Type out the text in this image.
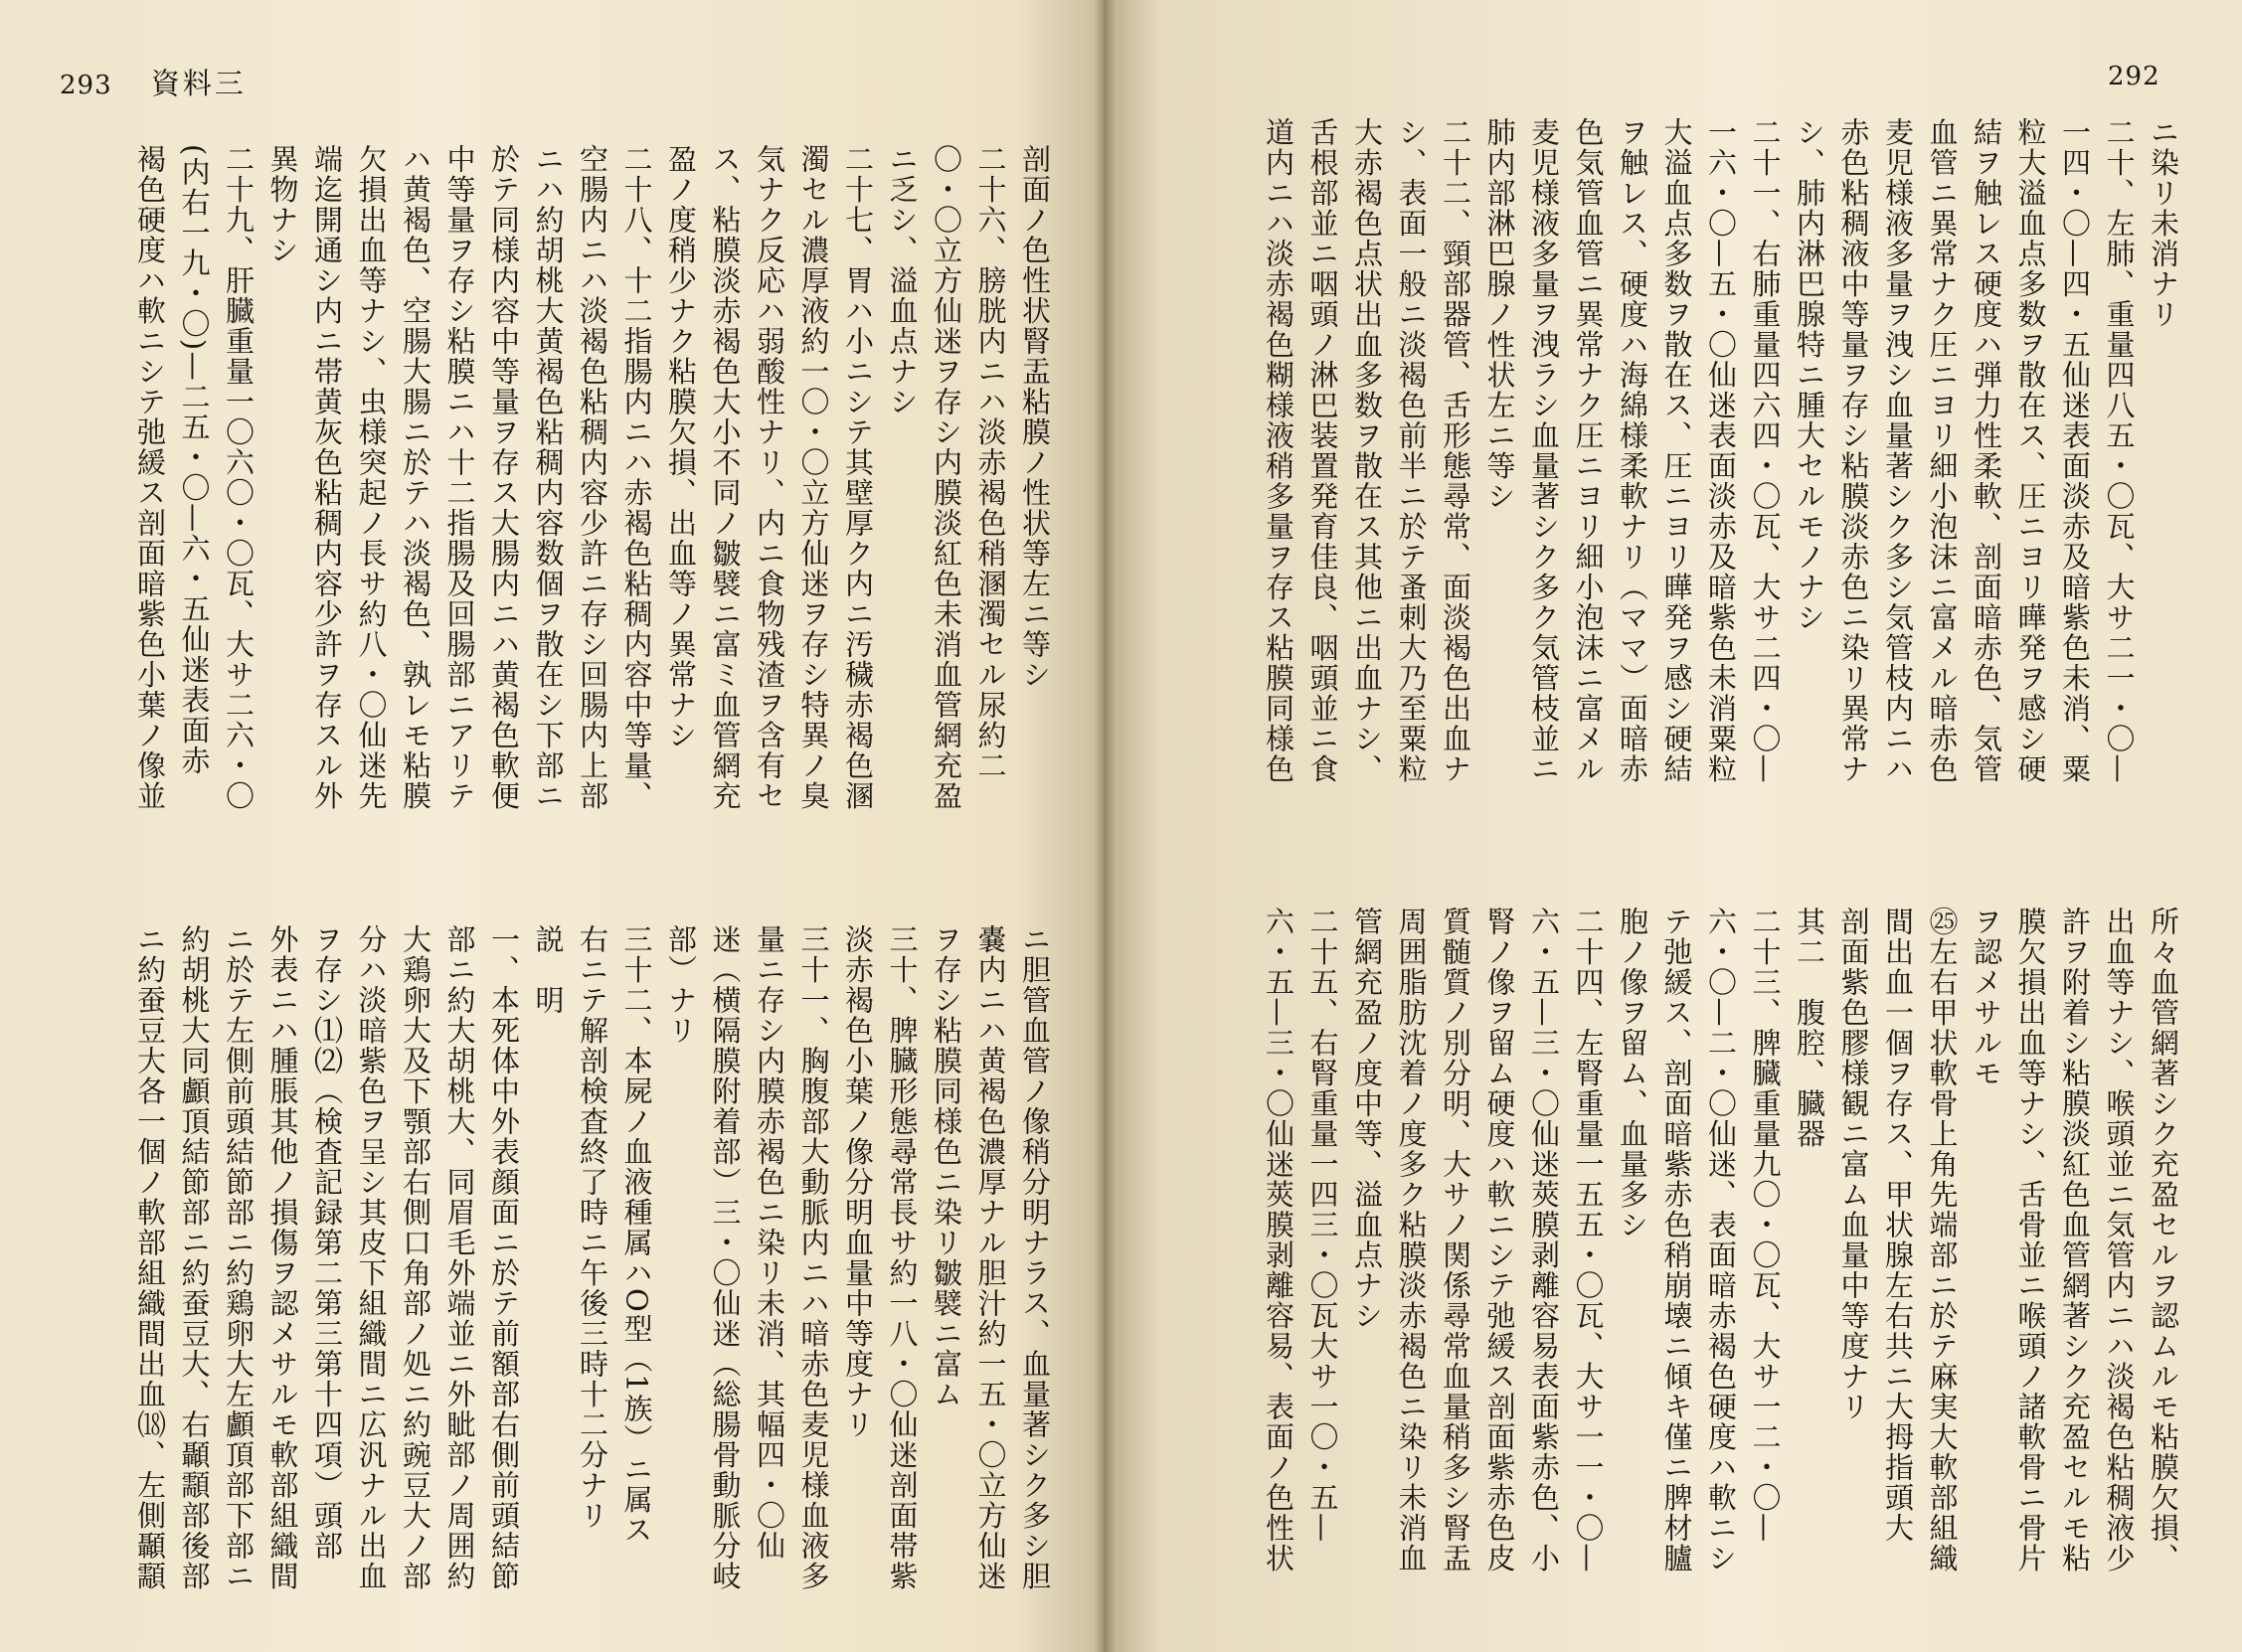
293 資料三
剖面ノ色性状腎盂粘膜ノ性状等左ニ等シ
二十六、膀胱内ニハ淡赤褐色稍溷濁セル尿約二
〇・〇立方仙迷ヲ存シ内膜淡紅色未消血管網充盈
ニ乏シ、溢血点ナシ
二十七、胃ハ小ニシテ其壁厚ク内ニ汚穢赤褐色溷
濁セル濃厚液約一〇・〇立方仙迷ヲ存シ特異ノ臭
気ナク反応ハ弱酸性ナリ、内ニ食物残渣ヲ含有セ
ス、粘膜淡赤褐色大小不同ノ皺襞ニ富ミ血管網充
盈ノ度稍少ナク粘膜欠損、出血等ノ異常ナシ
二十八、十二指腸内ニハ赤褐色粘稠内容中等量、
空腸内ニハ淡褐色粘稠内容少許ニ存シ回腸内上部
ニハ約胡桃大黄褐色粘稠内容数個ヲ散在シ下部ニ
於テ同様内容中等量ヲ存ス大腸内ニハ黄褐色軟便
中等量ヲ存シ粘膜ニハ十二指腸及回腸部ニアリテ
ハ黄褐色、空腸大腸ニ於テハ淡褐色、孰レモ粘膜
欠損出血等ナシ、虫様突起ノ長サ約八・〇仙迷先
端迄開通シ内ニ帯黄灰色粘稠内容少許ヲ存スル外
異物ナシ
二十九、肝臓重量一〇六〇・〇瓦、大サ二六・〇
(内右一九・〇)—二五・〇—六・五仙迷表面赤
褐色硬度ハ軟ニシテ弛緩ス剖面暗紫色小葉ノ像並
ニ胆管血管ノ像稍分明ナラス、血量著シク多シ胆
嚢内ニハ黄褐色濃厚ナル胆汁約一五・〇立方仙迷
ヲ存シ粘膜同様色ニ染リ皺襞ニ富ム
三十、脾臓形態尋常長サ約一八・〇仙迷剖面帯紫
淡赤褐色小葉ノ像分明血量中等度ナリ
三十一、胸腹部大動脈内ニハ暗赤色麦児様血液多
量ニ存シ内膜赤褐色ニ染リ未消、其幅四・〇仙
迷（横隔膜附着部）三・〇仙迷（総腸骨動脈分岐
部）ナリ
三十二、本屍ノ血液種属ハO型（1族）ニ属ス
右ニテ解剖検査終了時ニ午後三時十二分ナリ
説　明
一、本死体中外表顔面ニ於テ前額部右側前頭結節
部ニ約大胡桃大、同眉毛外端並ニ外眦部ノ周囲約
大鶏卵大及下顎部右側口角部ノ処ニ約豌豆大ノ部
分ハ淡暗紫色ヲ呈シ其皮下組織間ニ広汎ナル出血
ヲ存シ⑴⑵（検査記録第二第三第十四項）頭部
外表ニハ腫脹其他ノ損傷ヲ認メサルモ軟部組織間
ニ於テ左側前頭結節部ニ約鶏卵大左顱頂部下部ニ
約胡桃大同顱頂結節部ニ約蚕豆大、右顳顬部後部
ニ約蚕豆大各一個ノ軟部組織間出血⒅、左側顳顬
292
ニ染リ未消ナリ
二十、左肺、重量四八五・〇瓦、大サ二一・〇—
一四・〇—四・五仙迷表面淡赤及暗紫色未消、粟
粒大溢血点多数ヲ散在ス、圧ニヨリ曄発ヲ感シ硬
結ヲ触レス硬度ハ弾力性柔軟、剖面暗赤色、気管
血管ニ異常ナク圧ニヨリ細小泡沫ニ富メル暗赤色
麦児様液多量ヲ洩シ血量著シク多シ気管枝内ニハ
赤色粘稠液中等量ヲ存シ粘膜淡赤色ニ染リ異常ナ
シ、肺内淋巴腺特ニ腫大セルモノナシ
二十一、右肺重量四六四・〇瓦、大サ二四・〇—
一六・〇—五・〇仙迷表面淡赤及暗紫色未消粟粒
大溢血点多数ヲ散在ス、圧ニヨリ曄発ヲ感シ硬結
ヲ触レス、硬度ハ海綿様柔軟ナリ（ママ）面暗赤
色気管血管ニ異常ナク圧ニヨリ細小泡沫ニ富メル
麦児様液多量ヲ洩ラシ血量著シク多ク気管枝並ニ
肺内部淋巴腺ノ性状左ニ等シ
二十二、頸部器管、舌形態尋常、面淡褐色出血ナ
シ、表面一般ニ淡褐色前半ニ於テ蚤刺大乃至粟粒
大赤褐色点状出血多数ヲ散在ス其他ニ出血ナシ、
舌根部並ニ咽頭ノ淋巴装置発育佳良、咽頭並ニ食
道内ニハ淡赤褐色糊様液稍多量ヲ存ス粘膜同様色
所々血管網著シク充盈セルヲ認ムルモ粘膜欠損、
出血等ナシ、喉頭並ニ気管内ニハ淡褐色粘稠液少
許ヲ附着シ粘膜淡紅色血管網著シク充盈セルモ粘
膜欠損出血等ナシ、舌骨並ニ喉頭ノ諸軟骨ニ骨片
ヲ認メサルモ
㉕左右甲状軟骨上角先端部ニ於テ麻実大軟部組織
間出血一個ヲ存ス、甲状腺左右共ニ大拇指頭大
剖面紫色膠様観ニ富ム血量中等度ナリ
其二　腹腔、臓器
二十三、脾臓重量九〇・〇瓦、大サ一二・〇—
六・〇—二・〇仙迷、表面暗赤褐色硬度ハ軟ニシ
テ弛緩ス、剖面暗紫赤色稍崩壊ニ傾キ僅ニ脾材臚
胞ノ像ヲ留ム、血量多シ
二十四、左腎重量一五五・〇瓦、大サ一一・〇—
六・五—三・〇仙迷莢膜剥離容易表面紫赤色、小
腎ノ像ヲ留ム硬度ハ軟ニシテ弛緩ス剖面紫赤色皮
質髄質ノ別分明、大サノ関係尋常血量稍多シ腎盂
周囲脂肪沈着ノ度多ク粘膜淡赤褐色ニ染リ未消血
管網充盈ノ度中等、溢血点ナシ
二十五、右腎重量一四三・〇瓦大サ一〇・五—
六・五—三・〇仙迷莢膜剥離容易、表面ノ色性状
